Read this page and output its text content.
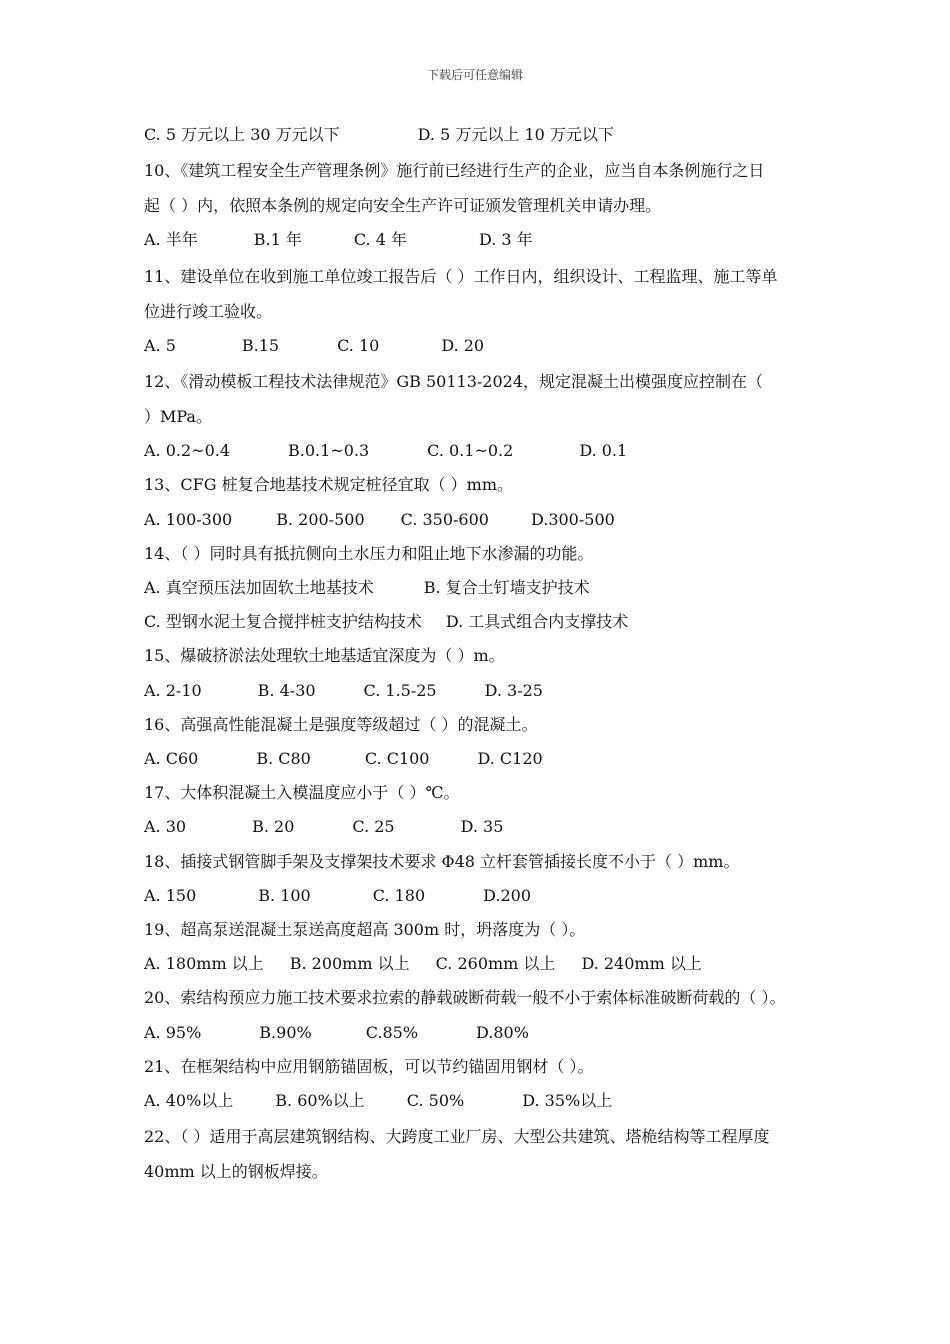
下载后可任意编辑
C. 5 万元以上 30 万元以下	D. 5 万元以上 10 万元以下
10、《建筑工程安全生产管理条例》施行前已经进行生产的企业，应当自本条例施行之日
起（ ）内，依照本条例的规定向安全生产许可证颁发管理机关申请办理。
A. 半年	B.1 年	C. 4 年	D. 3 年
11、建设单位在收到施工单位竣工报告后（ ）工作日内，组织设计、工程监理、施工等单
位进行竣工验收。
A. 5	B.15	C. 10	D. 20
12、《滑动模板工程技术法律规范》GB 50113-2024，规定混凝土出模强度应控制在（
）MPa。
A. 0.2~0.4	B.0.1~0.3	C. 0.1~0.2	D. 0.1
13、CFG 桩复合地基技术规定桩径宜取（ ）mm。
A. 100-300	B. 200-500 C. 350-600	D.300-500
14、（ ）同时具有抵抗侧向土水压力和阻止地下水渗漏的功能。
A. 真空预压法加固软土地基技术	B. 复合土钉墙支护技术
C. 型钢水泥土复合搅拌桩支护结构技术 D. 工具式组合内支撑技术
15、爆破挤淤法处理软土地基适宜深度为（ ）m。
A. 2-10	B. 4-30	C. 1.5-25	D. 3-25
16、高强高性能混凝土是强度等级超过（ ）的混凝土。
A. C60	B. C80	C. C100	D. C120
17、大体积混凝土入模温度应小于（ ）℃。
A. 30	B. 20	C. 25	D. 35
18、插接式钢管脚手架及支撑架技术要求 Φ48 立杆套管插接长度不小于（ ）mm。
A. 150	B. 100	C. 180	D.200
19、超高泵送混凝土泵送高度超高 300m 时，坍落度为（ ）。
A. 180mm 以上 B. 200mm 以上 C. 260mm 以上 D. 240mm 以上
20、索结构预应力施工技术要求拉索的静载破断荷载一般不小于索体标准破断荷载的（ ）。
A. 95%	B.90%	C.85%	D.80%
21、在框架结构中应用钢筋锚固板，可以节约锚固用钢材（ ）。
A. 40%以上	B. 60%以上	C. 50%	D. 35%以上
22、（ ）适用于高层建筑钢结构、大跨度工业厂房、大型公共建筑、塔桅结构等工程厚度
40mm 以上的钢板焊接。
